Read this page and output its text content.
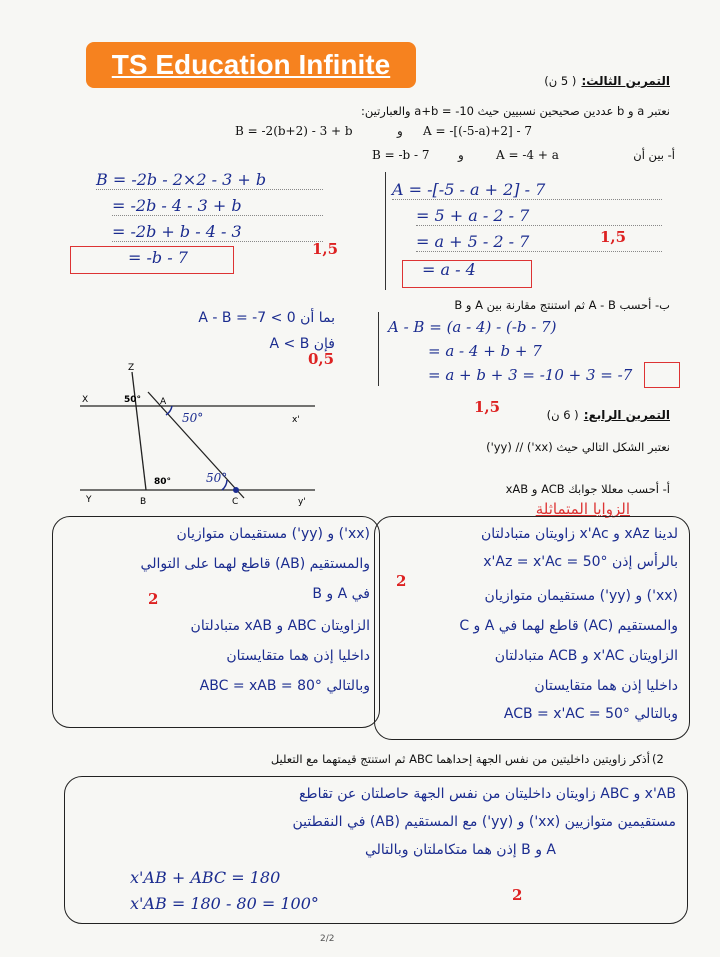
TS Education Infinite
التمرين الثالث: ( 5 ن)
نعتبر a و b عددين صحيحين نسبيين حيث a+b = -10 والعبارتين:
B = -2(b+2) - 3 + b	و A = -[(-5-a)+2] - 7
B = -b - 7 و	A = -4 + a	أ- بين أن
B = -2b - 2×2 - 3 + b
= -2b - 4 - 3 + b
= -2b + b - 4 - 3
= -b - 7	1,5
A = -[-5 - a + 2] - 7
= 5 + a - 2 - 7
= a + 5 - 2 - 7
= a - 4
1,5
ب- أحسب A - B ثم استنتج مقارنة بين A و B
بما أن A - B = -7 < 0
فإن A < B
0,5
A - B = (a - 4) - (-b - 7)
= a - 4 + b + 7
= a + b + 3 = -10 + 3 = -7
1,5	التمرين الرابع: ( 6 ن)
نعتبر الشكل التالي حيث (xx') // (yy')
أ- أحسب معللا جوابك ACB و xAB
الزوايا المتماثلة
Z
A
B	C
X
x'
Y	y'
50°
80°
50°
50°
(xx') و (yy') مستقيمان متوازيان
والمستقيم (AB) قاطع لهما على التوالي
في A و B
الزاويتان ABC و xAB متبادلتان
داخليا إذن هما متقايستان
وبالتالي ABC = xAB = 80°
2
لدينا xAz و x'Ac زاويتان متبادلتان
بالرأس إذن x'Az = x'Ac = 50°
(xx') و (yy') مستقيمان متوازيان
والمستقيم (AC) قاطع لهما في A و C
الزاويتان x'AC و ACB متبادلتان
داخليا إذن هما متقايستان
وبالتالي ACB = x'AC = 50°
2
أذكر زاويتين داخليتين من نفس الجهة إحداهما ABC ثم استنتج قيمتهما مع التعليل (2
x'AB و ABC زاويتان داخليتان من نفس الجهة حاصلتان عن تقاطع
مستقيمين متوازيين (xx') و (yy') مع المستقيم (AB) في النقطتين
A و B إذن هما متكاملتان وبالتالي
x'AB + ABC = 180
x'AB = 180 - 80 = 100°	2
2/2
